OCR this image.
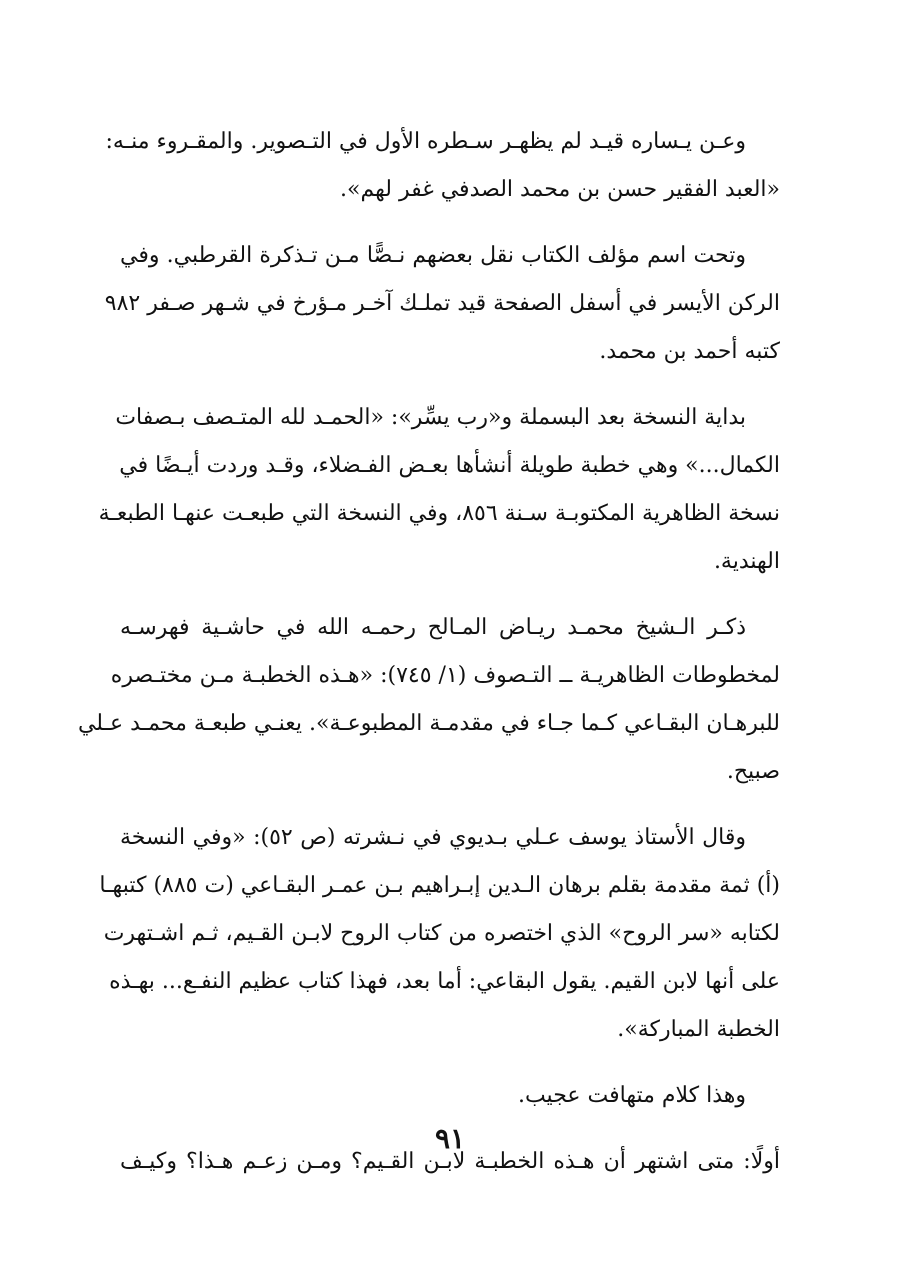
وعـن يـساره قيـد لم يظهـر سـطره الأول في التـصوير. والمقـروء منـه:
«العبد الفقير حسن بن محمد الصدفي غفر لهم».
وتحت اسم مؤلف الكتاب نقل بعضهم نـصًّا مـن تـذكرة القرطبي. وفي
الركن الأيسر في أسفل الصفحة قيد تملـك آخـر مـؤرخ في شـهر صـفر ٩٨٢
كتبه أحمد بن محمد.
بداية النسخة بعد البسملة و«رب يسِّر»: «الحمـد لله المتـصف بـصفات
الكمال...» وهي خطبة طويلة أنشأها بعـض الفـضلاء، وقـد وردت أيـضًا في
نسخة الظاهرية المكتوبـة سـنة ٨٥٦، وفي النسخة التي طبعـت عنهـا الطبعـة
الهندية.
ذكـر الـشيخ محمـد ريـاض المـالح رحمـه الله في حاشـية فهرسـه
لمخطوطات الظاهريـة ــ التـصوف (١/ ٧٤٥): «هـذه الخطبـة مـن مختـصره
للبرهـان البقـاعي كـما جـاء في مقدمـة المطبوعـة». يعنـي طبعـة محمـد عـلي
صبيح.
وقال الأستاذ يوسف عـلي بـديوي في نـشرته (ص ٥٢): «وفي النسخة
(أ) ثمة مقدمة بقلم برهان الـدين إبـراهيم بـن عمـر البقـاعي (ت ٨٨٥) كتبهـا
لكتابه «سر الروح» الذي اختصره من كتاب الروح لابـن القـيم، ثـم اشـتهرت
على أنها لابن القيم. يقول البقاعي: أما بعد، فهذا كتاب عظيم النفـع... بهـذه
الخطبة المباركة».
وهذا كلام متهافت عجيب.
أولًا: متى اشتهر أن هـذه الخطبـة لابـن القـيم؟ ومـن زعـم هـذا؟ وكيـف
٩١
